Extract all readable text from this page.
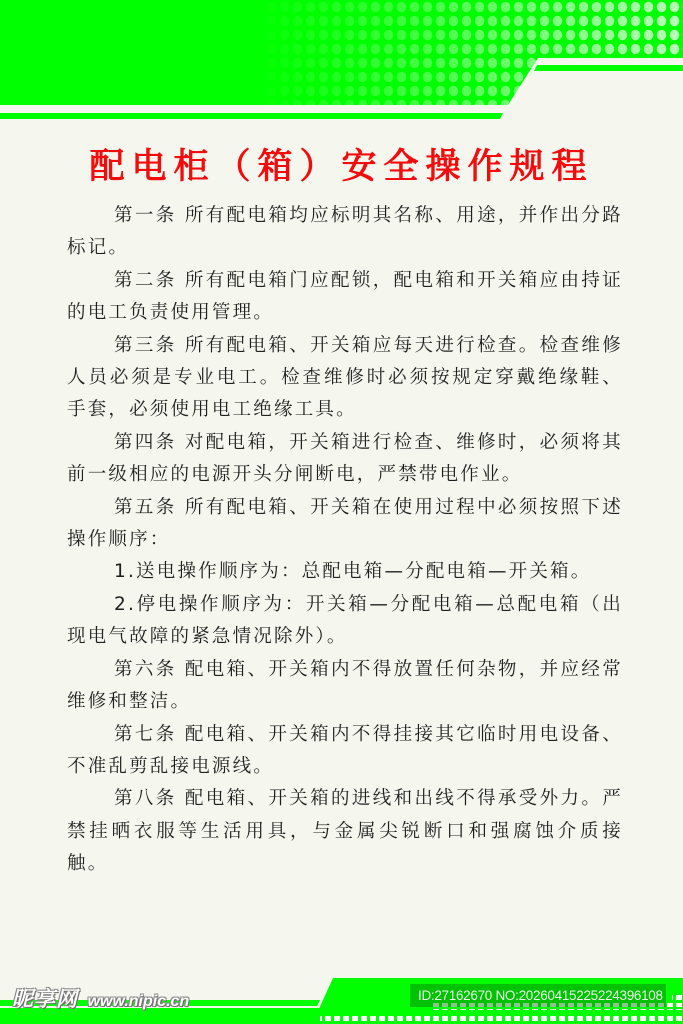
配电柜（箱）安全操作规程

第一条 所有配电箱均应标明其名称、用途，并作出分路标记。

第二条 所有配电箱门应配锁，配电箱和开关箱应由持证的电工负责使用管理。

第三条 所有配电箱、开关箱应每天进行检查。检查维修人员必须是专业电工。检查维修时必须按规定穿戴绝缘鞋、手套，必须使用电工绝缘工具。

第四条 对配电箱，开关箱进行检查、维修时，必须将其前一级相应的电源开头分闸断电，严禁带电作业。

第五条 所有配电箱、开关箱在使用过程中必须按照下述操作顺序：

1.送电操作顺序为：总配电箱—分配电箱—开关箱。

2.停电操作顺序为：开关箱—分配电箱—总配电箱（出现电气故障的紧急情况除外）。

第六条 配电箱、开关箱内不得放置任何杂物，并应经常维修和整洁。

第七条 配电箱、开关箱内不得挂接其它临时用电设备、不准乱剪乱接电源线。

第八条 配电箱、开关箱的进线和出线不得承受外力。严禁挂晒衣服等生活用具，与金属尖锐断口和强腐蚀介质接触。

昵享网 www.nipic.cn	ID:27162670 NO:20260415225224396108
